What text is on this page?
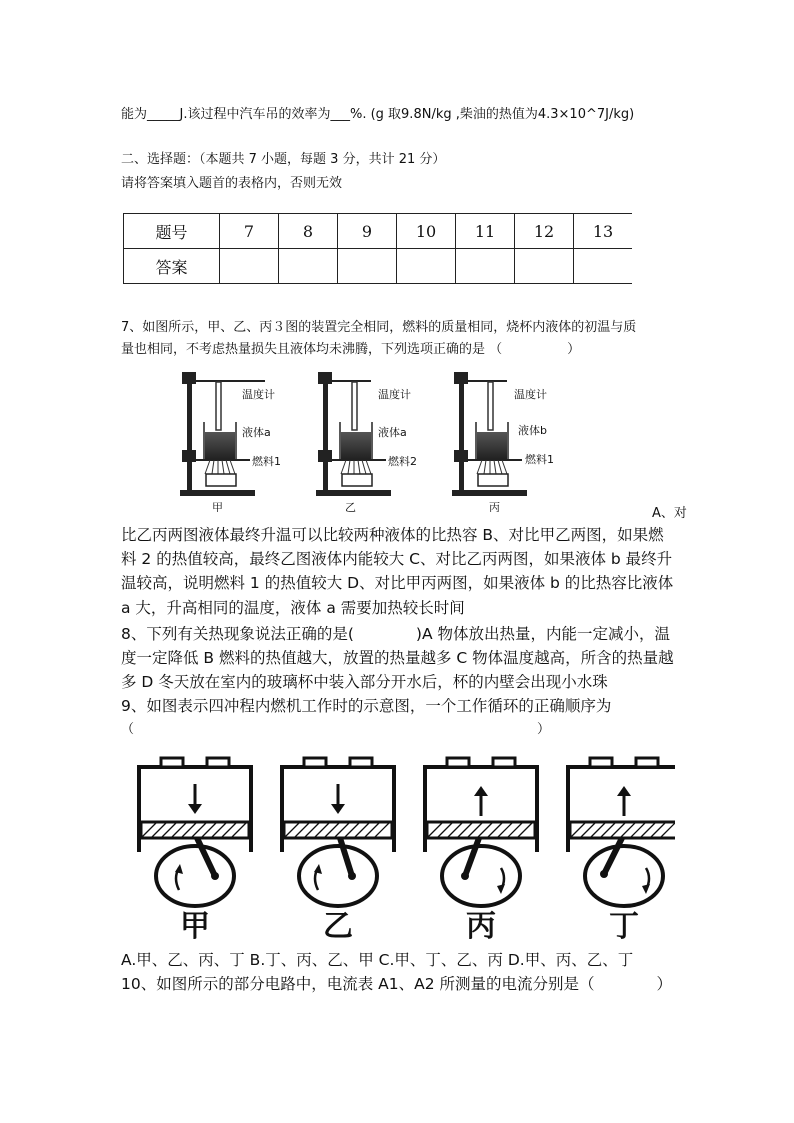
能为_____J.该过程中汽车吊的效率为___%. (g 取9.8N/kg ,柴油的热值为4.3×10^7J/kg)
二、选择题：（本题共 7 小题，每题 3 分，共计 21 分）
请将答案填入题首的表格内，否则无效
题号	7	8	9	10	11	12	13
答案							
7、如图所示，甲、乙、丙３图的装置完全相同，燃料的质量相同，烧杯内液体的初温与质
量也相同，不考虑热量损失且液体均未沸腾，下列选项正确的是 （　　　　　）
温度计
液体a
燃料1
甲
温度计
液体a
燃料2
乙
温度计
液体b
燃料1
丙	A、对
比乙丙两图液体最终升温可以比较两种液体的比热容 B、对比甲乙两图，如果燃
料 2 的热值较高，最终乙图液体内能较大 C、对比乙丙两图，如果液体 b 最终升
温较高，说明燃料 1 的热值较大 D、对比甲丙两图，如果液体 b 的比热容比液体
a 大，升高相同的温度，液体 a 需要加热较长时间
8、下列有关热现象说法正确的是(　　　　)A 物体放出热量，内能一定减小，温
度一定降低 B 燃料的热值越大，放置的热量越多 C 物体温度越高，所含的热量越
多 D 冬天放在室内的玻璃杯中装入部分开水后，杯的内壁会出现小水珠
9、如图表示四冲程内燃机工作时的示意图，一个工作循环的正确顺序为
（　　　　　　　　　　　　　　　　　　　　　　　　　　　　　　　）
甲	乙	丙	丁
A.甲、乙、丙、丁 B.丁、丙、乙、甲 C.甲、丁、乙、丙 D.甲、丙、乙、丁
10、如图所示的部分电路中，电流表 A1、A2 所测量的电流分别是（　　　　）
